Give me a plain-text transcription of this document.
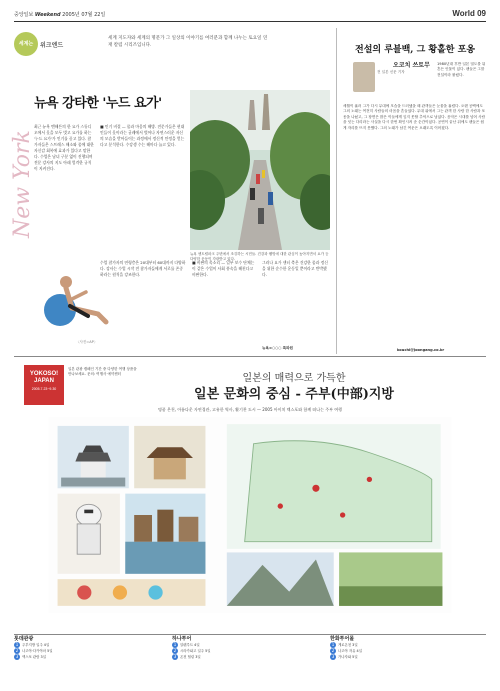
중앙일보 Weekend 2005년 07월 22일	World 09
세계는	위크엔드
세계 지도자와 세계의 명문가 그 일상의 이야기를 여러분과 함께 나누는 토요일 연재 칼럼 시리즈입니다.
New York
뉴욕 강타한 '누드 요가'
최근 뉴욕 맨해튼의 한 요가 스튜디오에서 옷을 모두 벗고 요가를 하는 '누드 요가'가 인기를 끌고 있다. 참가자들은 스트레스 해소와 몸에 대한 자신감 회복에 효과가 있다고 말한다. 수업은 남녀 구분 없이 진행되며 전문 강사의 지도 아래 엄격한 규칙이 지켜진다.
■ 인기 비결 — 몸과 마음의 해방. 전문가들은 현대인들이 옷이라는 굴레에서 벗어나 자연스러운 자신의 모습을 받아들이는 과정에서 정신적 안정을 얻는다고 분석한다. 수강생 수는 해마다 늘고 있다.
뉴욕 센트럴파크 주변에서 조깅하는 시민들. 건강과 웰빙에 대한 관심이 높아지면서 요가 등 다양한 운동이 각광받고 있다.
〈사진=AP〉
수업 참가자의 연령층은 20대부터 60대까지 다양하다. 강사는 수업 시작 전 참가자들에게 서로를 존중하라는 원칙을 강조한다.
■ 비판의 목소리 — 일부 보수 단체는 이 같은 수업이 사회 풍속을 해친다고 비판한다.
그러나 요가 센터 측은 건강한 몸과 정신을 위한 순수한 운동일 뿐이라고 반박했다.
뉴욕=○○○ 특파원
전설의 루블백, 그 황홀한 포옹
전 일본 신문 기자
오코치 쓰토무	1980년대 후반 일본 열도를 뒤흔든 인물이 있다. 팬들은 그를 전설이라 불렀다.
세월이 흘러 그가 다시 무대에 모습을 드러냈을 때 관객들은 눈물을 흘렸다. 오랜 공백에도 그의 노래는 여전히 사람들의 마음을 흔들었다. 무대 위에서 그는 관객 한 사람 한 사람과 포옹을 나눴고, 그 장면은 많은 이들에게 잊지 못할 추억으로 남았다. 음악은 시대를 넘어 사람을 잇는 다리라는 사실을 다시 한번 확인시켜 준 순간이었다. 공연이 끝난 뒤에도 팬들은 쉽게 자리를 뜨지 못했다. 그의 노래가 남긴 여운은 오래도록 이어졌다.
kouchi@joongang.co.kr
YOKOSO!
JAPAN
2005.7.23~9.30
일본 관광 캠페인 기간 중 다양한 여행 상품을 만나보세요. 문의: 여행사 예약센터	일본의 매력으로 가득한
일본 문화의 중심 - 주부(中部)지방
명품 온천, 아름다운 자연경관, 고유한 역사, 활기찬 도시 — 2005 아이치 엑스포와 함께 떠나는 주부 여행
롯데관광
1 주부지방 일주 4일
2 나고야·다카야마 5일
3 엑스포 관람 3일
하나투어
1 알펜루트 4일
2 시라카와고 일주 5일
3 온천 힐링 3일
한화투어몰
1 게로온천 3일
2 나고야 자유 4일
3 가나자와 5일
